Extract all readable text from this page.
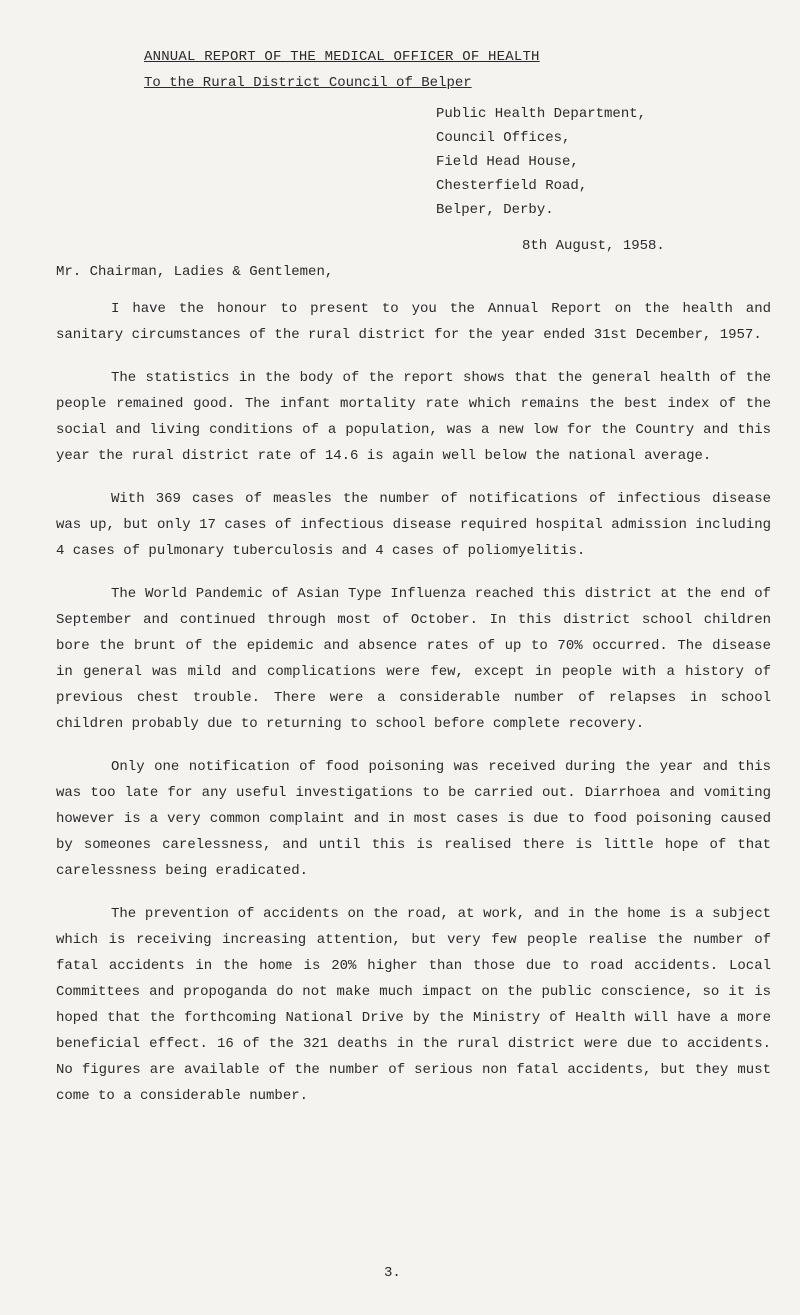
ANNUAL REPORT OF THE MEDICAL OFFICER OF HEALTH
To the Rural District Council of Belper
Public Health Department,
Council Offices,
Field Head House,
Chesterfield Road,
Belper, Derby.
8th August, 1958.
Mr. Chairman, Ladies & Gentlemen,

I have the honour to present to you the Annual Report on the health and sanitary circumstances of the rural district for the year ended 31st December, 1957.

The statistics in the body of the report shows that the general health of the people remained good. The infant mortality rate which remains the best index of the social and living conditions of a population, was a new low for the Country and this year the rural district rate of 14.6 is again well below the national average.

With 369 cases of measles the number of notifications of infectious disease was up, but only 17 cases of infectious disease required hospital admission including 4 cases of pulmonary tuberculosis and 4 cases of poliomyelitis.

The World Pandemic of Asian Type Influenza reached this district at the end of September and continued through most of October. In this district school children bore the brunt of the epidemic and absence rates of up to 70% occurred. The disease in general was mild and complications were few, except in people with a history of previous chest trouble. There were a considerable number of relapses in school children probably due to returning to school before complete recovery.

Only one notification of food poisoning was received during the year and this was too late for any useful investigations to be carried out. Diarrhoea and vomiting however is a very common complaint and in most cases is due to food poisoning caused by someones carelessness, and until this is realised there is little hope of that carelessness being eradicated.

The prevention of accidents on the road, at work, and in the home is a subject which is receiving increasing attention, but very few people realise the number of fatal accidents in the home is 20% higher than those due to road accidents. Local Committees and propoganda do not make much impact on the public conscience, so it is hoped that the forthcoming National Drive by the Ministry of Health will have a more beneficial effect. 16 of the 321 deaths in the rural district were due to accidents. No figures are available of the number of serious non fatal accidents, but they must come to a considerable number.

3.
